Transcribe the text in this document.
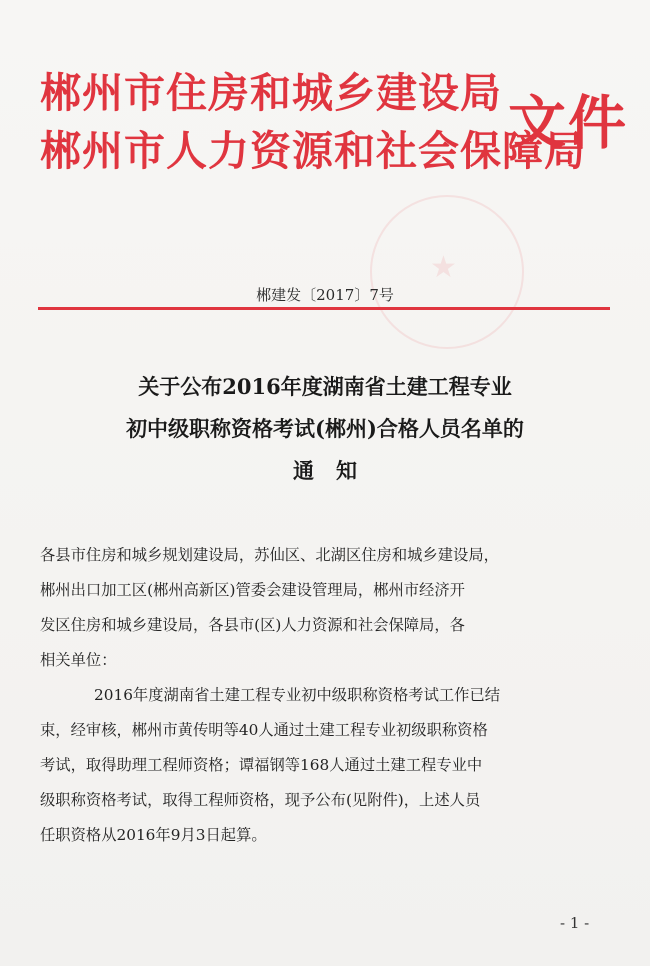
★
郴州市住房和城乡建设局
郴州市人力资源和社会保障局
文件
郴建发〔2017〕7号
关于公布2016年度湖南省土建工程专业
初中级职称资格考试(郴州)合格人员名单的
通知
各县市住房和城乡规划建设局，苏仙区、北湖区住房和城乡建设局，
郴州出口加工区(郴州高新区)管委会建设管理局，郴州市经济开
发区住房和城乡建设局，各县市(区)人力资源和社会保障局，各
相关单位：
2016年度湖南省土建工程专业初中级职称资格考试工作已结
束，经审核，郴州市黄传明等40人通过土建工程专业初级职称资格
考试，取得助理工程师资格；谭福钢等168人通过土建工程专业中
级职称资格考试，取得工程师资格，现予公布(见附件)，上述人员
任职资格从2016年9月3日起算。
- 1 -
